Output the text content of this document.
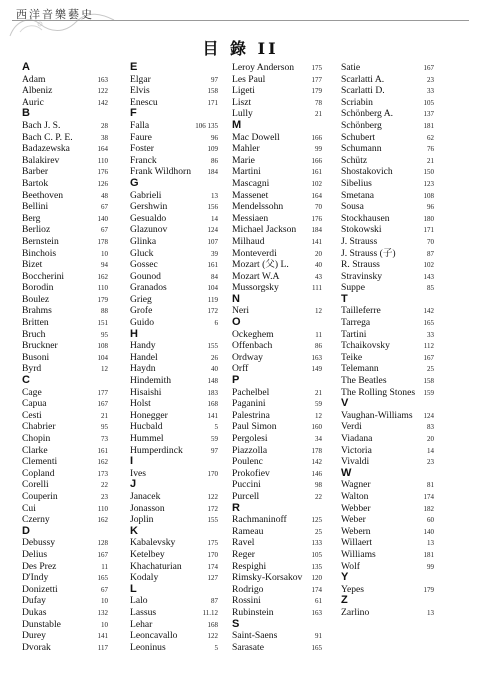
西洋音樂藝史
目 錄 II
A
Adam	163
Albeniz	122
Auric	142
B
Bach J. S.	28
Bach C. P. E.	38
Badazewska	164
Balakirev	110
Barber	176
Bartok	126
Beethoven	48
Bellini	67
Berg	140
Berlioz	67
Bernstein	178
Binchois	10
Bizet	94
Boccherini	162
Borodin	110
Boulez	179
Brahms	88
Britten	151
Bruch	95
Bruckner	108
Busoni	104
Byrd	12
C
Cage	177
Capua	167
Cesti	21
Chabrier	95
Chopin	73
Clarke	161
Clementi	162
Copland	173
Corelli	22
Couperin	23
Cui	110
Czerny	162
D
Debussy	128
Delius	167
Des Prez	11
D'Indy	165
Donizetti	67
Dufay	10
Dukas	132
Dunstable	10
Durey	141
Dvorak	117
E
Elgar	97
Elvis	158
Enescu	171
F
Falla	106 135
Faure	96
Foster	109
Franck	86
Frank Wildhorn 184
G
Gabrieli	13
Gershwin	156
Gesualdo	14
Glazunov	124
Glinka	107
Gluck	39
Gossec	161
Gounod	84
Granados	104
Grieg	119
Grofe	172
Guido	6
H
Handy	155
Handel	26
Haydn	40
Hindemith	148
Hisaishi	183
Holst	168
Honegger	141
Hucbald	5
Hummel	59
Humperdinck	97
I
Ives	170
J
Janacek	122
Jonasson	172
Joplin	155
K
Kabalevsky	175
Ketelbey	170
Khachaturian	174
Kodaly	127
L
Lalo	87
Lassus	11.12
Lehar	168
Leoncavallo	122
Leoninus	5
Leroy Anderson 175
Les Paul	177
Ligeti	179
Liszt	78
Lully	21
M
Mac Dowell	166
Mahler	99
Marie	166
Martini	161
Mascagni	102
Massenet	164
Mendelssohn	70
Messiaen	176
Michael Jackson 184
Milhaud	141
Monteverdi	20
Mozart (父) L.	40
Mozart W.A	43
Mussorgsky	111
N
Neri	12
O
Ockeghem	11
Offenbach	86
Ordway	163
Orff	149
P
Pachelbel	21
Paganini	59
Palestrina	12
Paul Simon	160
Pergolesi	34
Piazzolla	178
Poulenc	142
Prokofiev	146
Puccini	98
Purcell	22
R
Rachmaninoff	125
Rameau	25
Ravel	133
Reger	105
Respighi	135
Rimsky-Korsakov 120
Rodrigo	174
Rossini	61
Rubinstein	163
S
Saint-Saens	91
Sarasate	165
Satie	167
Scarlatti A.	23
Scarlatti D.	33
Scriabin	105
Schönberg A.	137
Schönberg	181
Schubert	62
Schumann	76
Schütz	21
Shostakovich	150
Sibelius	123
Smetana	108
Sousa	96
Stockhausen	180
Stokowski	171
J. Strauss	70
J. Strauss (子)	87
R. Strauss	102
Stravinsky	143
Suppe	85
T
Tailleferre	142
Tarrega	165
Tartini	33
Tchaikovsky	112
Teike	167
Telemann	25
The Beatles	158
The Rolling Stones 159
V
Vaughan-Williams 124
Verdi	83
Viadana	20
Victoria	14
Vivaldi	23
W
Wagner	81
Walton	174
Webber	182
Weber	60
Webern	140
Willaert	13
Williams	181
Wolf	99
Y
Yepes	179
Z
Zarlino	13
